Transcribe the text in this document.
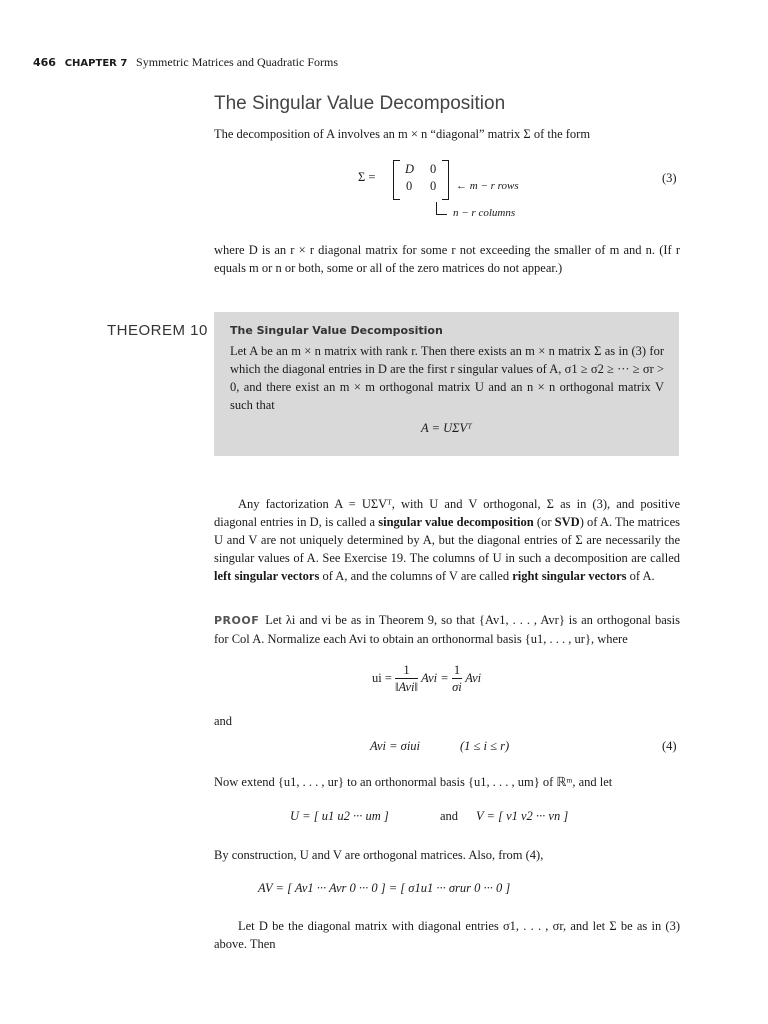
466 CHAPTER 7 Symmetric Matrices and Quadratic Forms
The Singular Value Decomposition
The decomposition of A involves an m × n “diagonal” matrix Σ of the form
Σ =
D 0
0 0 ← m − r rows
n − r columns
(3)
where D is an r × r diagonal matrix for some r not exceeding the smaller of m and n. (If r equals m or n or both, some or all of the zero matrices do not appear.)
THEOREM 10 The Singular Value Decomposition
Let A be an m × n matrix with rank r. Then there exists an m × n matrix Σ as in (3) for which the diagonal entries in D are the first r singular values of A, σ1 ≥ σ2 ≥ ··· ≥ σr > 0, and there exist an m × m orthogonal matrix U and an n × n orthogonal matrix V such that
A = UΣVᵀ
Any factorization A = UΣVᵀ, with U and V orthogonal, Σ as in (3), and positive diagonal entries in D, is called a singular value decomposition (or SVD) of A. The matrices U and V are not uniquely determined by A, but the diagonal entries of Σ are necessarily the singular values of A. See Exercise 19. The columns of U in such a decomposition are called left singular vectors of A, and the columns of V are called right singular vectors of A.
PROOF Let λi and vi be as in Theorem 9, so that {Av1, . . . , Avr} is an orthogonal basis for Col A. Normalize each Avi to obtain an orthonormal basis {u1, . . . , ur}, where
ui = $\frac{1}{\text{‖Avi‖}}$ Avi = $\frac{1}{\sigma i}$ Avi
and
Avi = σiui	(1 ≤ i ≤ r)	(4)
Now extend {u1, . . . , ur} to an orthonormal basis {u1, . . . , um} of ℝᵐ, and let
U = [ u1 u2 ··· um ]	and V = [ v1 v2 ··· vn ]
By construction, U and V are orthogonal matrices. Also, from (4),
AV = [ Av1 ··· Avr 0 ··· 0 ] = [ σ1u1 ··· σrur 0 ··· 0 ]
Let D be the diagonal matrix with diagonal entries σ1, . . . , σr, and let Σ be as in (3) above. Then
